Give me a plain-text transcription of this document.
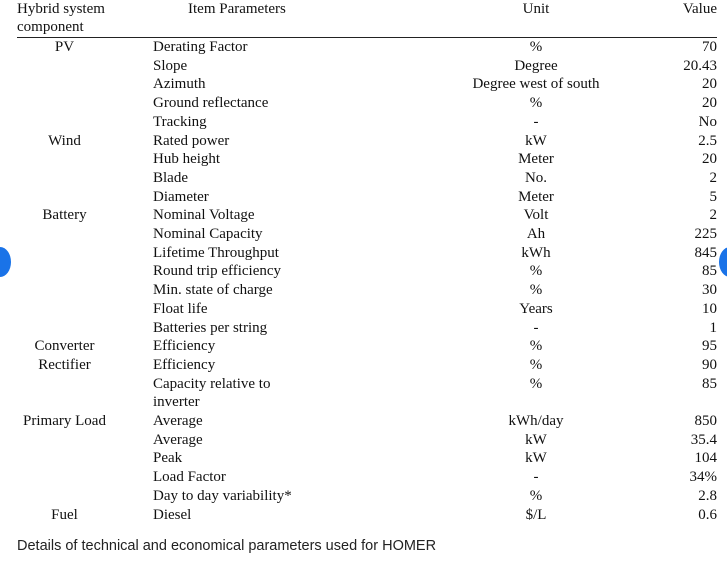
Hybrid system component	Item Parameters	Unit	Value
PV	Derating Factor	%	70
	Slope	Degree	20.43
	Azimuth	Degree west of south	20
	Ground reflectance	%	20
	Tracking	-	No
Wind	Rated power	kW	2.5
	Hub height	Meter	20
	Blade	No.	2
	Diameter	Meter	5
Battery	Nominal Voltage	Volt	2
	Nominal Capacity	Ah	225
	Lifetime Throughput	kWh	845
	Round trip efficiency	%	85
	Min. state of charge	%	30
	Float life	Years	10
	Batteries per string	-	1
Converter	Efficiency	%	95
Rectifier	Efficiency	%	90
	Capacity relative to	%	85
	inverter		
Primary Load	Average	kWh/day	850
	Average	kW	35.4
	Peak	kW	104
	Load Factor	-	34%
	Day to day variability*	%	2.8
Fuel	Diesel	$/L	0.6
Details of technical and economical parameters used for HOMER
